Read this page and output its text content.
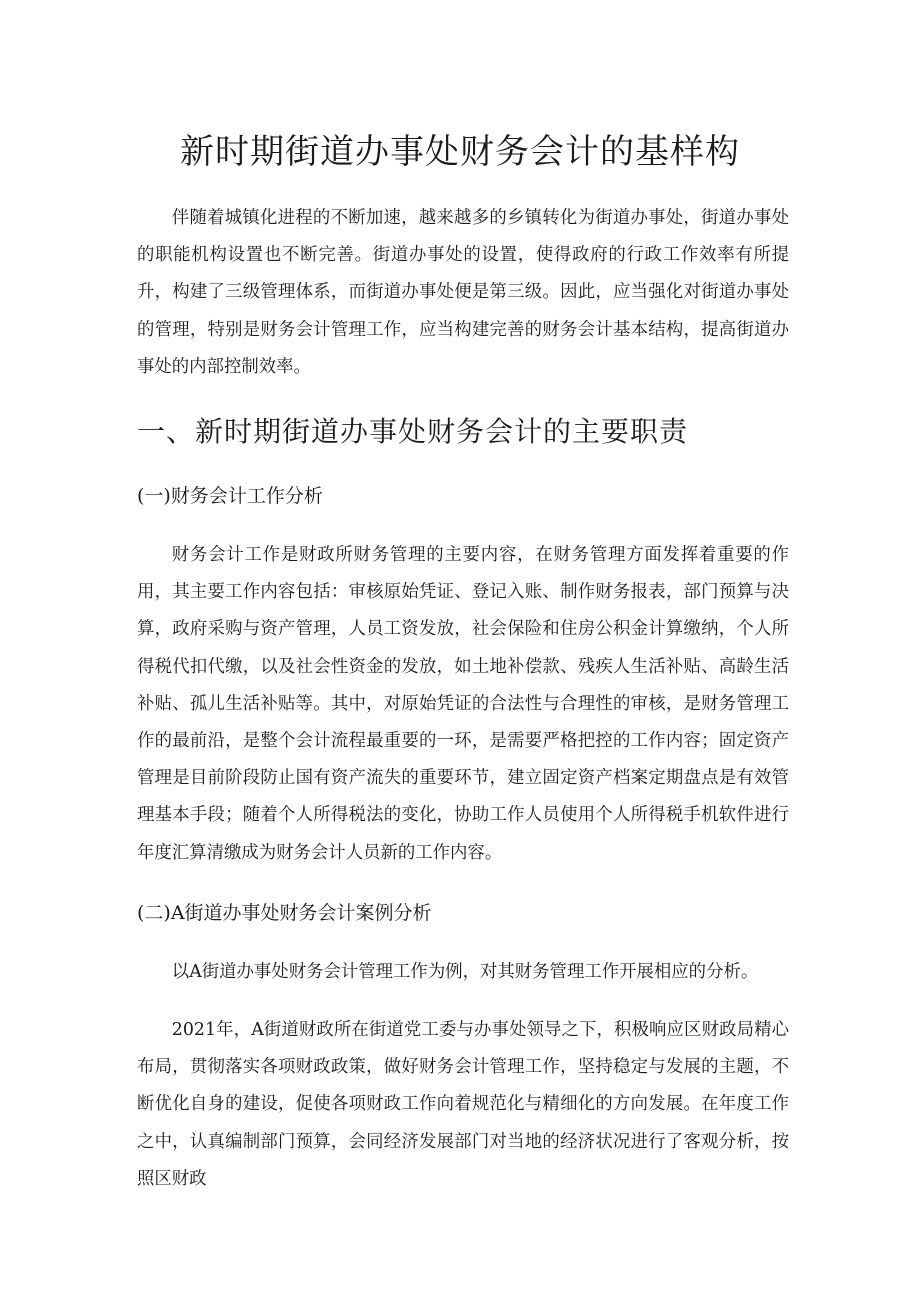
新时期街道办事处财务会计的基样构

伴随着城镇化进程的不断加速，越来越多的乡镇转化为街道办事处，街道办事处的职能机构设置也不断完善。街道办事处的设置，使得政府的行政工作效率有所提升，构建了三级管理体系，而街道办事处便是第三级。因此，应当强化对街道办事处的管理，特别是财务会计管理工作，应当构建完善的财务会计基本结构，提高街道办事处的内部控制效率。

一、新时期街道办事处财务会计的主要职责
(一)财务会计工作分析

财务会计工作是财政所财务管理的主要内容，在财务管理方面发挥着重要的作用，其主要工作内容包括：审核原始凭证、登记入账、制作财务报表，部门预算与决算，政府采购与资产管理，人员工资发放，社会保险和住房公积金计算缴纳，个人所得税代扣代缴，以及社会性资金的发放，如土地补偿款、残疾人生活补贴、高龄生活补贴、孤儿生活补贴等。其中，对原始凭证的合法性与合理性的审核，是财务管理工作的最前沿，是整个会计流程最重要的一环，是需要严格把控的工作内容；固定资产管理是目前阶段防止国有资产流失的重要环节，建立固定资产档案定期盘点是有效管理基本手段；随着个人所得税法的变化，协助工作人员使用个人所得税手机软件进行年度汇算清缴成为财务会计人员新的工作内容。

(二)A街道办事处财务会计案例分析

以A街道办事处财务会计管理工作为例，对其财务管理工作开展相应的分析。

2021年，A街道财政所在街道党工委与办事处领导之下，积极响应区财政局精心布局，贯彻落实各项财政政策，做好财务会计管理工作，坚持稳定与发展的主题，不断优化自身的建设，促使各项财政工作向着规范化与精细化的方向发展。在年度工作之中，认真编制部门预算，会同经济发展部门对当地的经济状况进行了客观分析，按照区财政
